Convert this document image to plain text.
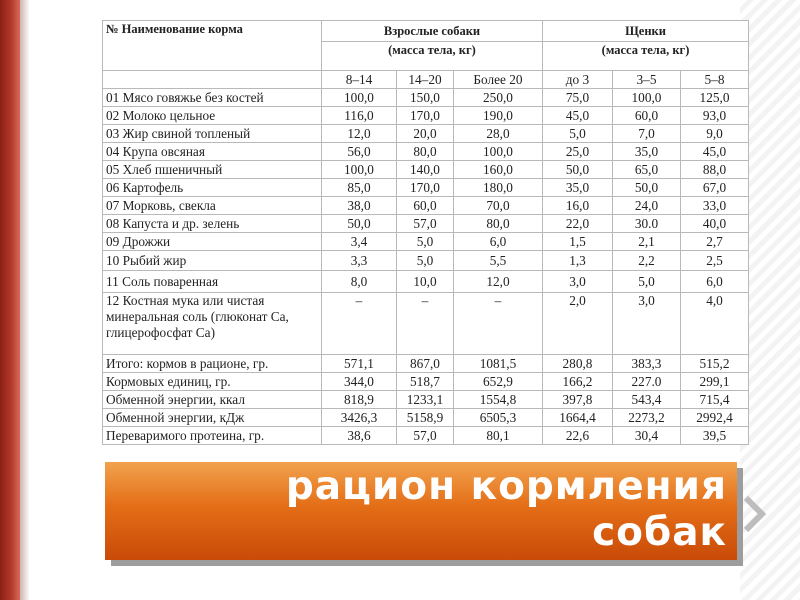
№ Наименование корма	Взрослые собаки			Щенки		
	(масса тела, кг)			(масса тела, кг)		
	8–14	14–20	Более 20	до 3	3–5	5–8
01 Мясо говяжье без костей	100,0	150,0	250,0	75,0	100,0	125,0
02 Молоко цельное	116,0	170,0	190,0	45,0	60,0	93,0
03 Жир свиной топленый	12,0	20,0	28,0	5,0	7,0	9,0
04 Крупа овсяная	56,0	80,0	100,0	25,0	35,0	45,0
05 Хлеб пшеничный	100,0	140,0	160,0	50,0	65,0	88,0
06 Картофель	85,0	170,0	180,0	35,0	50,0	67,0
07 Морковь, свекла	38,0	60,0	70,0	16,0	24,0	33,0
08 Капуста и др. зелень	50,0	57,0	80,0	22,0	30.0	40,0
09 Дрожжи	3,4	5,0	6,0	1,5	2,1	2,7
10 Рыбий жир	3,3	5,0	5,5	1,3	2,2	2,5
11 Соль поваренная	8,0	10,0	12,0	3,0	5,0	6,0
12 Костная мука или чистая минеральная соль (глюконат Са, глицерофосфат Са)	–	–	–	2,0	3,0	4,0
Итого: кормов в рационе, гр.	571,1	867,0	1081,5	280,8	383,3	515,2
Кормовых единиц, гр.	344,0	518,7	652,9	166,2	227.0	299,1
Обменной энергии, ккал	818,9	1233,1	1554,8	397,8	543,4	715,4
Обменной энергии, кДж	3426,3	5158,9	6505,3	1664,4	2273,2	2992,4
Переваримого протеина, гр.	38,6	57,0	80,1	22,6	30,4	39,5
рацион кормления
собак
